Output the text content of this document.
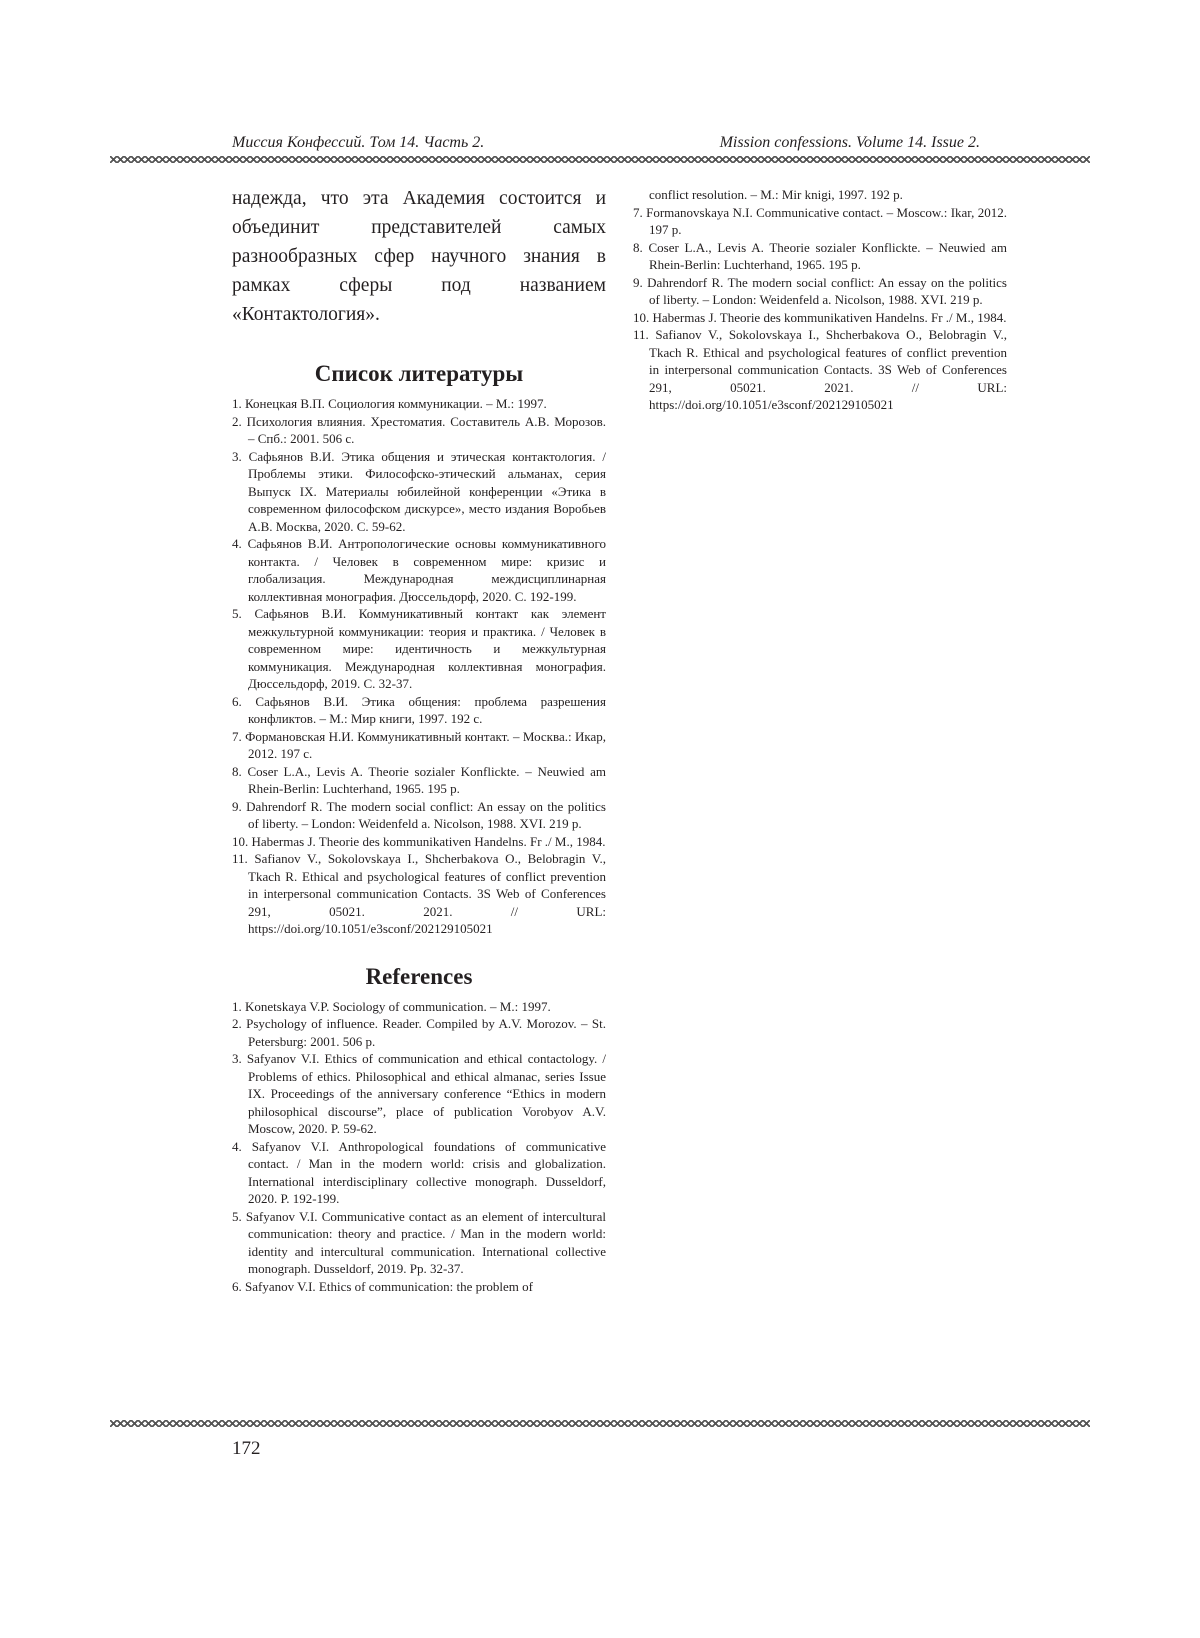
Миссия Конфессий. Том 14. Часть 2.	Mission confessions. Volume 14. Issue 2.

надежда, что эта Академия состоится и объединит представителей самых разнообразных сфер научного знания в рамках сферы под названием «Контактология».

Список литературы
1. Конецкая В.П. Социология коммуникации. – М.: 1997.
2. Психология влияния. Хрестоматия. Составитель А.В. Морозов. – Спб.: 2001. 506 с.
3. Сафьянов В.И. Этика общения и этическая контактология. /Проблемы этики. Философско-этический альманах, серия Выпуск IX. Материалы юбилейной конференции «Этика в современном философском дискурсе», место издания Воробьев А.В. Москва, 2020. С. 59-62.
4. Сафьянов В.И. Антропологические основы коммуникативного контакта. / Человек в современном мире: кризис и глобализация. Международная междисциплинарная коллективная монография. Дюссельдорф, 2020. С. 192-199.
5. Сафьянов В.И. Коммуникативный контакт как элемент межкультурной коммуникации: теория и практика. / Человек в современном мире: идентичность и межкультурная коммуникация. Международная коллективная монография. Дюссельдорф, 2019. С. 32-37.
6. Сафьянов В.И. Этика общения: проблема разрешения конфликтов. – М.: Мир книги, 1997. 192 с.
7. Формановская Н.И. Коммуникативный контакт. – Москва.: Икар, 2012. 197 с.
8. Coser L.A., Levis A. Theorie sozialer Konflickte. – Neuwied am Rhein-Berlin: Luchterhand, 1965. 195 p.
9. Dahrendorf R. The modern social conflict: An essay on the politics of liberty. – London: Weidenfeld a. Nicolson, 1988. XVI. 219 p.
10. Habermas J. Theorie des kommunikativen Handelns. Fr ./ M., 1984.
11. Safianov V., Sokolovskaya I., Shcherbakova O., Belobragin V., Tkach R. Ethical and psychological features of conflict prevention in interpersonal communication Contacts. 3S Web of Conferences 291, 05021. 2021. // URL: https://doi.org/10.1051/e3sconf/202129105021
References
1. Konetskaya V.P. Sociology of communication. – M.: 1997.
2. Psychology of influence. Reader. Compiled by A.V. Morozov. – St. Petersburg: 2001. 506 p.
3. Safyanov V.I. Ethics of communication and ethical contactology. / Problems of ethics. Philosophical and ethical almanac, series Issue IX. Proceedings of the anniversary conference “Ethics in modern philosophical discourse”, place of publication Vorobyov A.V. Moscow, 2020. P. 59-62.
4. Safyanov V.I. Anthropological foundations of communicative contact. / Man in the modern world: crisis and globalization. International interdisciplinary collective monograph. Dusseldorf, 2020. P. 192-199.
5. Safyanov V.I. Communicative contact as an element of intercultural communication: theory and practice. / Man in the modern world: identity and intercultural communication. International collective monograph. Dusseldorf, 2019. Pp. 32-37.
6. Safyanov V.I. Ethics of communication: the problem of
conflict resolution. – M.: Mir knigi, 1997. 192 p.
7. Formanovskaya N.I. Communicative contact. – Moscow.: Ikar, 2012. 197 p.
8. Coser L.A., Levis A. Theorie sozialer Konflickte. – Neuwied am Rhein-Berlin: Luchterhand, 1965. 195 p.
9. Dahrendorf R. The modern social conflict: An essay on the politics of liberty. – London: Weidenfeld a. Nicolson, 1988. XVI. 219 p.
10. Habermas J. Theorie des kommunikativen Handelns. Fr ./ M., 1984.
11. Safianov V., Sokolovskaya I., Shcherbakova O., Belobragin V., Tkach R. Ethical and psychological features of conflict prevention in interpersonal communication Contacts. 3S Web of Conferences 291, 05021. 2021. // URL: https://doi.org/10.1051/e3sconf/202129105021
172
